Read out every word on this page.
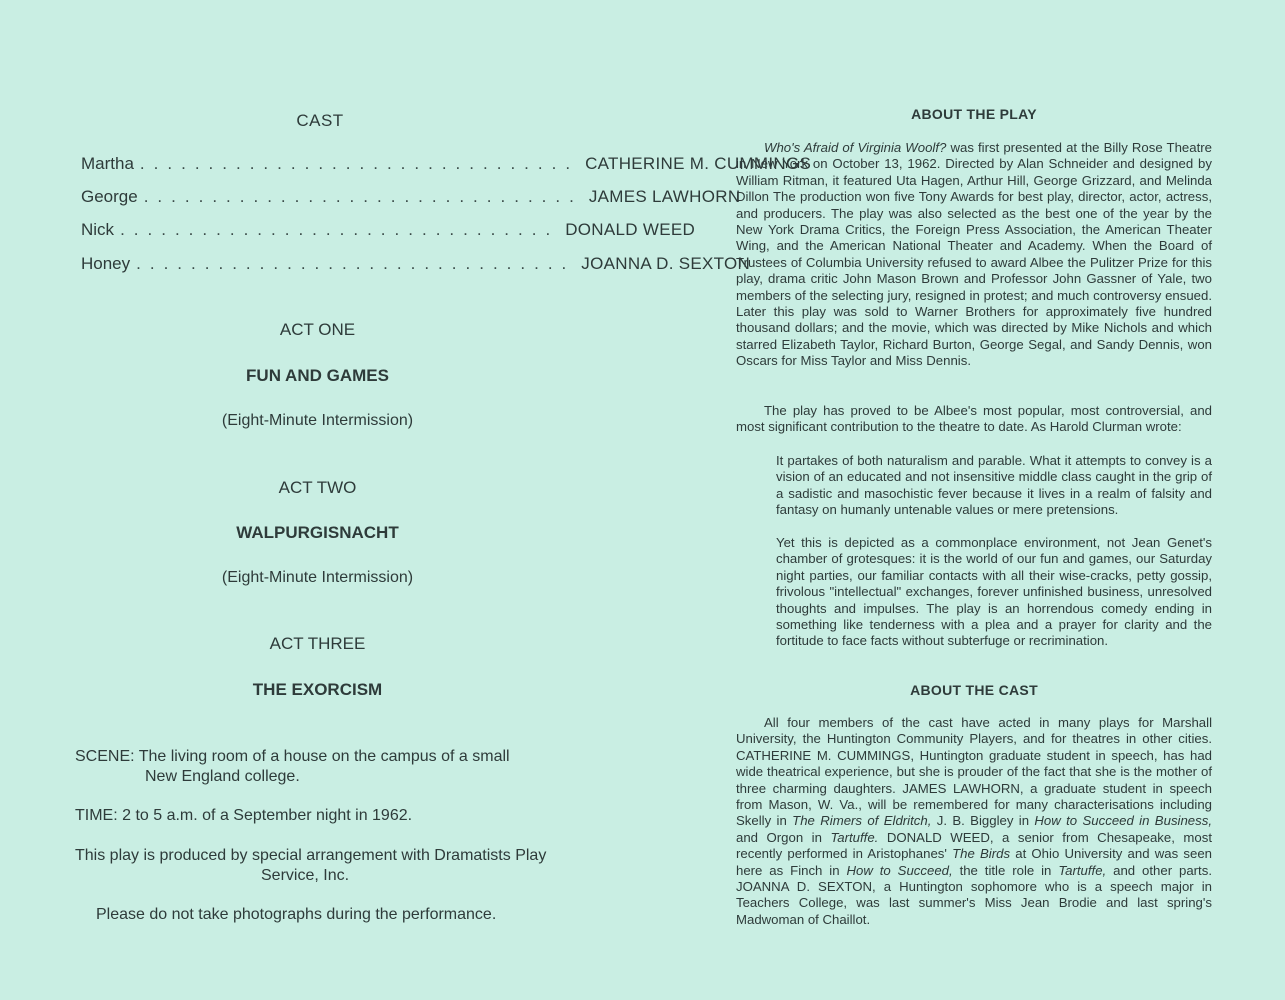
CAST
Martha ................................ CATHERINE M. CUMMINGS
George ................................ JAMES LAWHORN
Nick ................................ DONALD WEED
Honey ................................ JOANNA D. SEXTON
ACT ONE
FUN AND GAMES
(Eight-Minute Intermission)
ACT TWO
WALPURGISNACHT
(Eight-Minute Intermission)
ACT THREE
THE EXORCISM
SCENE: The living room of a house on the campus of a small
New England college.
TIME: 2 to 5 a.m. of a September night in 1962.
This play is produced by special arrangement with Dramatists Play
Service, Inc.
Please do not take photographs during the performance.
ABOUT THE PLAY
Who's Afraid of Virginia Woolf? was first presented at the Billy Rose Theatre in New York on October 13, 1962. Directed by Alan Schneider and designed by William Ritman, it featured Uta Hagen, Arthur Hill, George Grizzard, and Melinda Dillon The production won five Tony Awards for best play, director, actor, actress, and producers. The play was also selected as the best one of the year by the New York Drama Critics, the Foreign Press Association, the American Theater Wing, and the American National Theater and Academy. When the Board of Trustees of Columbia University refused to award Albee the Pulitzer Prize for this play, drama critic John Mason Brown and Professor John Gassner of Yale, two members of the selecting jury, resigned in protest; and much controversy ensued. Later this play was sold to Warner Brothers for approximately five hundred thousand dollars; and the movie, which was directed by Mike Nichols and which starred Elizabeth Taylor, Richard Burton, George Segal, and Sandy Dennis, won Oscars for Miss Taylor and Miss Dennis.
The play has proved to be Albee's most popular, most controversial, and most significant contribution to the theatre to date. As Harold Clurman wrote:
It partakes of both naturalism and parable. What it attempts to convey is a vision of an educated and not insensitive middle class caught in the grip of a sadistic and masochistic fever because it lives in a realm of falsity and fantasy on humanly untenable values or mere pretensions.
Yet this is depicted as a commonplace environment, not Jean Genet's chamber of grotesques: it is the world of our fun and games, our Saturday night parties, our familiar contacts with all their wise-cracks, petty gossip, frivolous "intellectual" exchanges, forever unfinished business, unresolved thoughts and impulses. The play is an horrendous comedy ending in something like tenderness with a plea and a prayer for clarity and the fortitude to face facts without subterfuge or recrimination.
ABOUT THE CAST
All four members of the cast have acted in many plays for Marshall University, the Huntington Community Players, and for theatres in other cities. CATHERINE M. CUMMINGS, Huntington graduate student in speech, has had wide theatrical experience, but she is prouder of the fact that she is the mother of three charming daughters. JAMES LAWHORN, a graduate student in speech from Mason, W. Va., will be remembered for many characterisations including Skelly in The Rimers of Eldritch, J. B. Biggley in How to Succeed in Business, and Orgon in Tartuffe. DONALD WEED, a senior from Chesapeake, most recently performed in Aristophanes' The Birds at Ohio University and was seen here as Finch in How to Succeed, the title role in Tartuffe, and other parts. JOANNA D. SEXTON, a Huntington sophomore who is a speech major in Teachers College, was last summer's Miss Jean Brodie and last spring's Madwoman of Chaillot.
